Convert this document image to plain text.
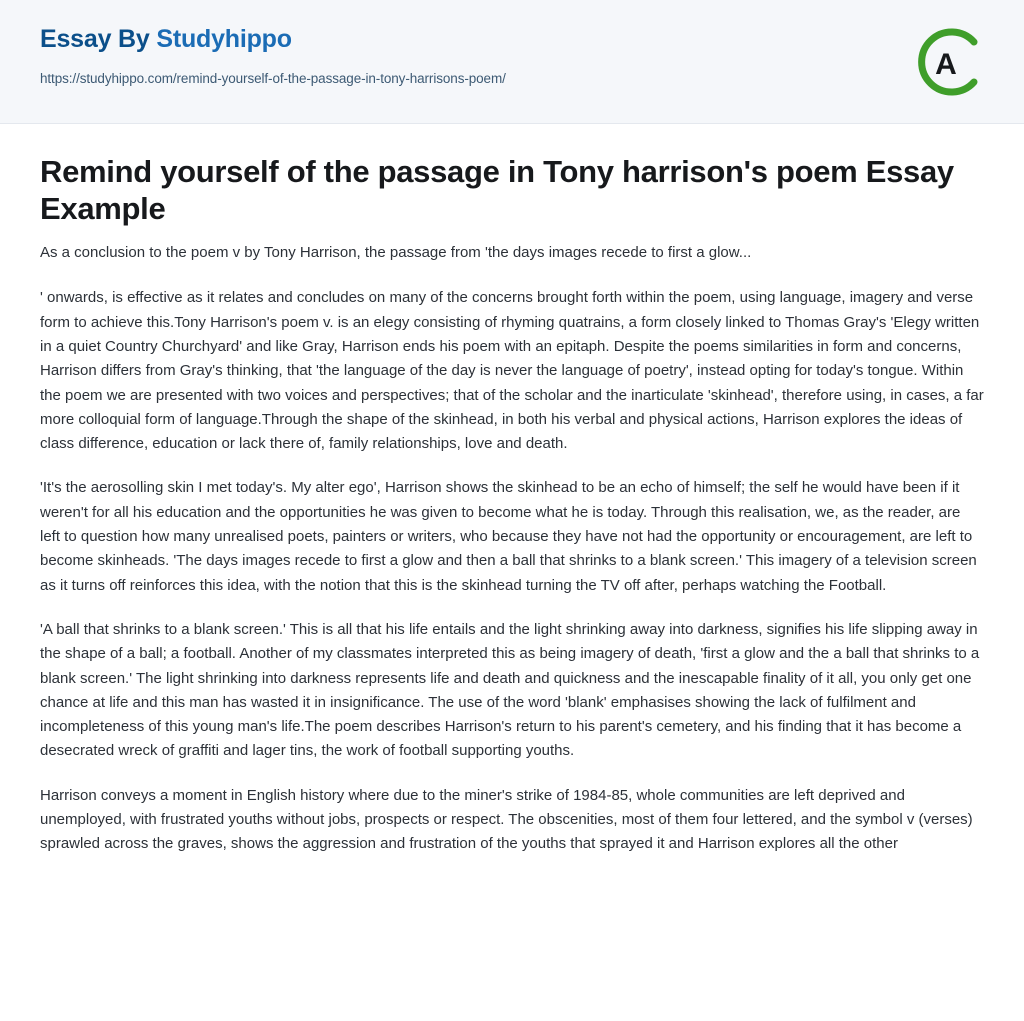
Essay By Studyhippo
https://studyhippo.com/remind-yourself-of-the-passage-in-tony-harrisons-poem/	A
Remind yourself of the passage in Tony harrison's poem Essay Example

As a conclusion to the poem v by Tony Harrison, the passage from 'the days images recede to first a glow...

' onwards, is effective as it relates and concludes on many of the concerns brought forth within the poem, using language, imagery and verse form to achieve this.Tony Harrison's poem v. is an elegy consisting of rhyming quatrains, a form closely linked to Thomas Gray's 'Elegy written in a quiet Country Churchyard' and like Gray, Harrison ends his poem with an epitaph. Despite the poems similarities in form and concerns, Harrison differs from Gray's thinking, that 'the language of the day is never the language of poetry', instead opting for today's tongue. Within the poem we are presented with two voices and perspectives; that of the scholar and the inarticulate 'skinhead', therefore using, in cases, a far more colloquial form of language.Through the shape of the skinhead, in both his verbal and physical actions, Harrison explores the ideas of class difference, education or lack there of, family relationships, love and death.

'It's the aerosolling skin I met today's. My alter ego', Harrison shows the skinhead to be an echo of himself; the self he would have been if it weren't for all his education and the opportunities he was given to become what he is today. Through this realisation, we, as the reader, are left to question how many unrealised poets, painters or writers, who because they have not had the opportunity or encouragement, are left to become skinheads. 'The days images recede to first a glow and then a ball that shrinks to a blank screen.' This imagery of a television screen as it turns off reinforces this idea, with the notion that this is the skinhead turning the TV off after, perhaps watching the Football.

'A ball that shrinks to a blank screen.' This is all that his life entails and the light shrinking away into darkness, signifies his life slipping away in the shape of a ball; a football. Another of my classmates interpreted this as being imagery of death, 'first a glow and the a ball that shrinks to a blank screen.' The light shrinking into darkness represents life and death and quickness and the inescapable finality of it all, you only get one chance at life and this man has wasted it in insignificance. The use of the word 'blank' emphasises showing the lack of fulfilment and incompleteness of this young man's life.The poem describes Harrison's return to his parent's cemetery, and his finding that it has become a desecrated wreck of graffiti and lager tins, the work of football supporting youths.

Harrison conveys a moment in English history where due to the miner's strike of 1984-85, whole communities are left deprived and unemployed, with frustrated youths without jobs, prospects or respect. The obscenities, most of them four lettered, and the symbol v (verses) sprawled across the graves, shows the aggression and frustration of the youths that sprayed it and Harrison explores all the other
